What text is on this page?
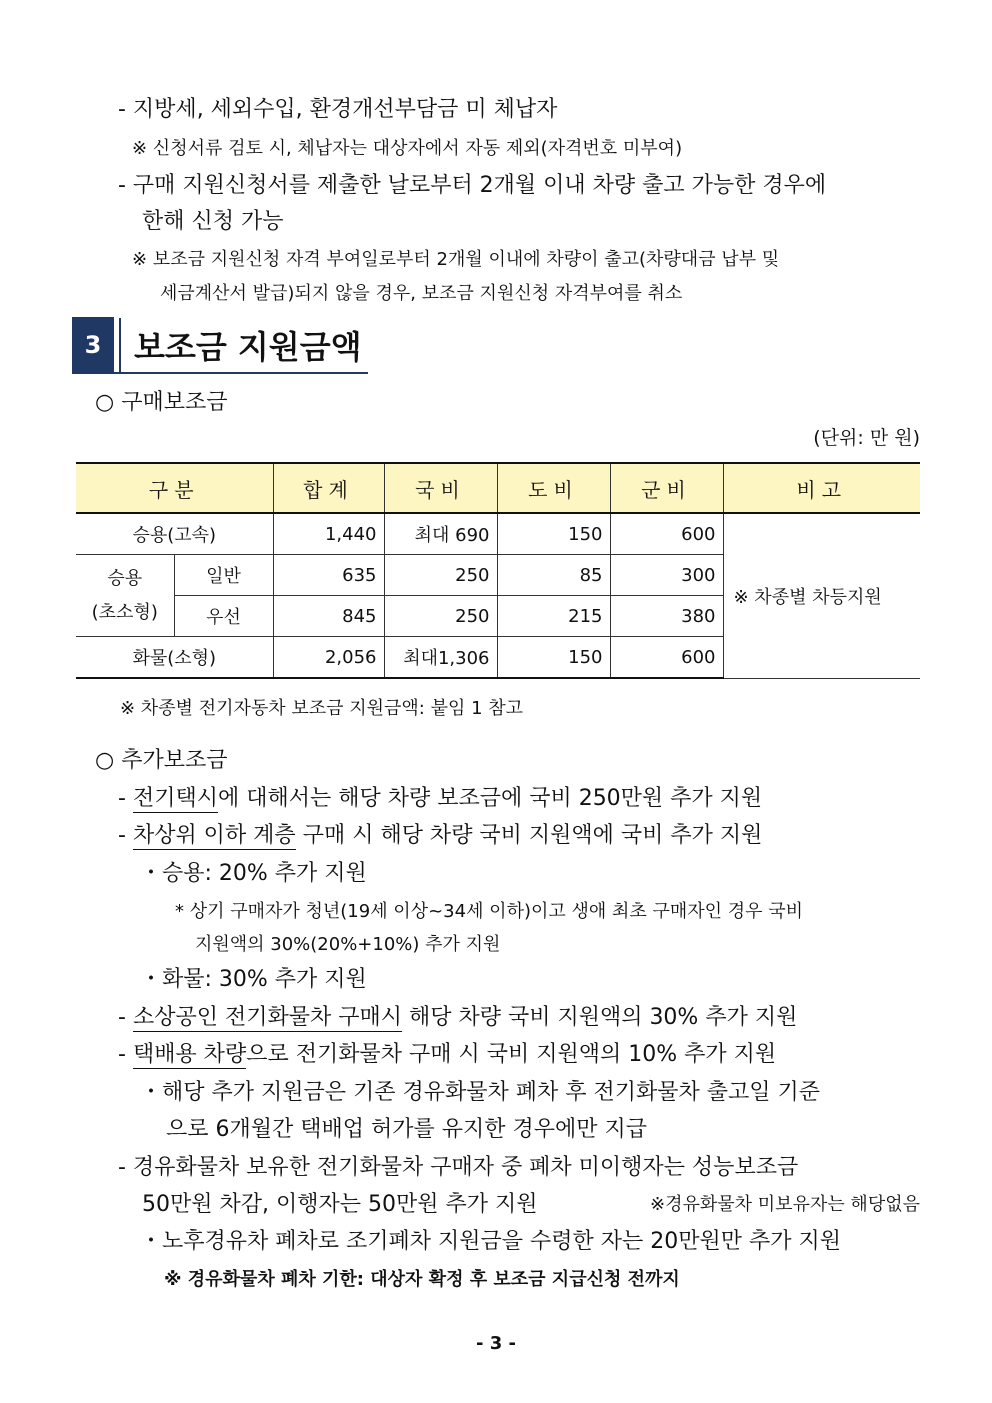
- 지방세, 세외수입, 환경개선부담금 미 체납자
※ 신청서류 검토 시, 체납자는 대상자에서 자동 제외(자격번호 미부여)
- 구매 지원신청서를 제출한 날로부터 2개월 이내 차량 출고 가능한 경우에
한해 신청 가능
※ 보조금 지원신청 자격 부여일로부터 2개월 이내에 차량이 출고(차량대금 납부 및
세금계산서 발급)되지 않을 경우, 보조금 지원신청 자격부여를 취소
3	보조금 지원금액
○ 구매보조금
(단위: 만 원)
구분		합계	국비	도비	군비	비고
승용(고속)		1,440	최대 690	150	600	※ 차종별 차등지원
승용
(초소형)	일반	635	250	85	300	
	우선	845	250	215	380	
화물(소형)		2,056	최대1,306	150	600	
※ 차종별 전기자동차 보조금 지원금액: 붙임 1 참고
○ 추가보조금
- 전기택시에 대해서는 해당 차량 보조금에 국비 250만원 추가 지원
- 차상위 이하 계층 구매 시 해당 차량 국비 지원액에 국비 추가 지원
・승용: 20% 추가 지원
* 상기 구매자가 청년(19세 이상~34세 이하)이고 생애 최초 구매자인 경우 국비
지원액의 30%(20%+10%) 추가 지원
・화물: 30% 추가 지원
- 소상공인 전기화물차 구매시 해당 차량 국비 지원액의 30% 추가 지원
- 택배용 차량으로 전기화물차 구매 시 국비 지원액의 10% 추가 지원
・해당 추가 지원금은 기존 경유화물차 폐차 후 전기화물차 출고일 기준
으로 6개월간 택배업 허가를 유지한 경우에만 지급
- 경유화물차 보유한 전기화물차 구매자 중 폐차 미이행자는 성능보조금
50만원 차감, 이행자는 50만원 추가 지원	※경유화물차 미보유자는 해당없음
・노후경유차 폐차로 조기폐차 지원금을 수령한 자는 20만원만 추가 지원
※ 경유화물차 폐차 기한: 대상자 확정 후 보조금 지급신청 전까지
- 3 -
